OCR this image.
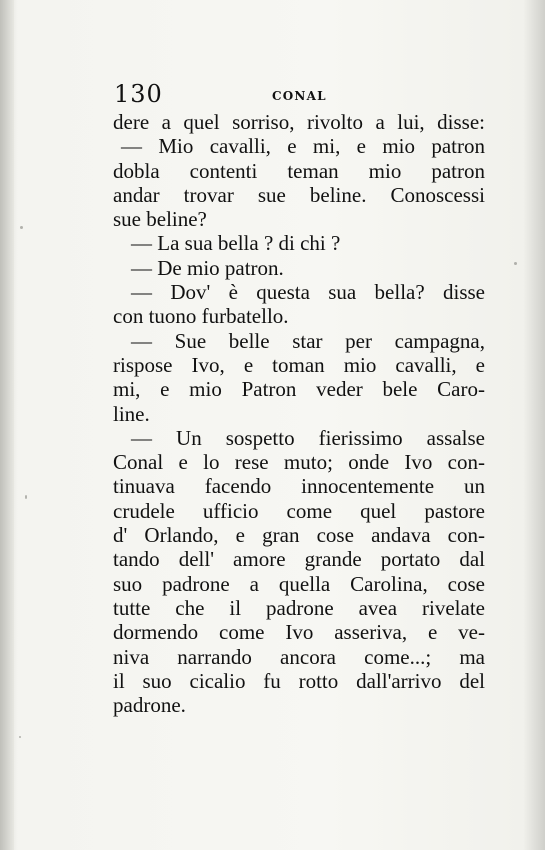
130	CONAL
dere a quel sorriso, rivolto a lui, disse:
— Mio cavalli, e mi, e mio patron
dobla contenti teman mio patron
andar trovar sue beline. Conoscessi
sue beline?
— La sua bella ? di chi ?
— De mio patron.
— Dov' è questa sua bella? disse
con tuono furbatello.
— Sue belle star per campagna,
rispose Ivo, e toman mio cavalli, e
mi, e mio Patron veder bele Caro-
line.
— Un sospetto fierissimo assalse
Conal e lo rese muto; onde Ivo con-
tinuava facendo innocentemente un
crudele ufficio come quel pastore
d' Orlando, e gran cose andava con-
tando dell' amore grande portato dal
suo padrone a quella Carolina, cose
tutte che il padrone avea rivelate
dormendo come Ivo asseriva, e ve-
niva narrando ancora come...; ma
il suo cicalio fu rotto dall'arrivo del
padrone.
